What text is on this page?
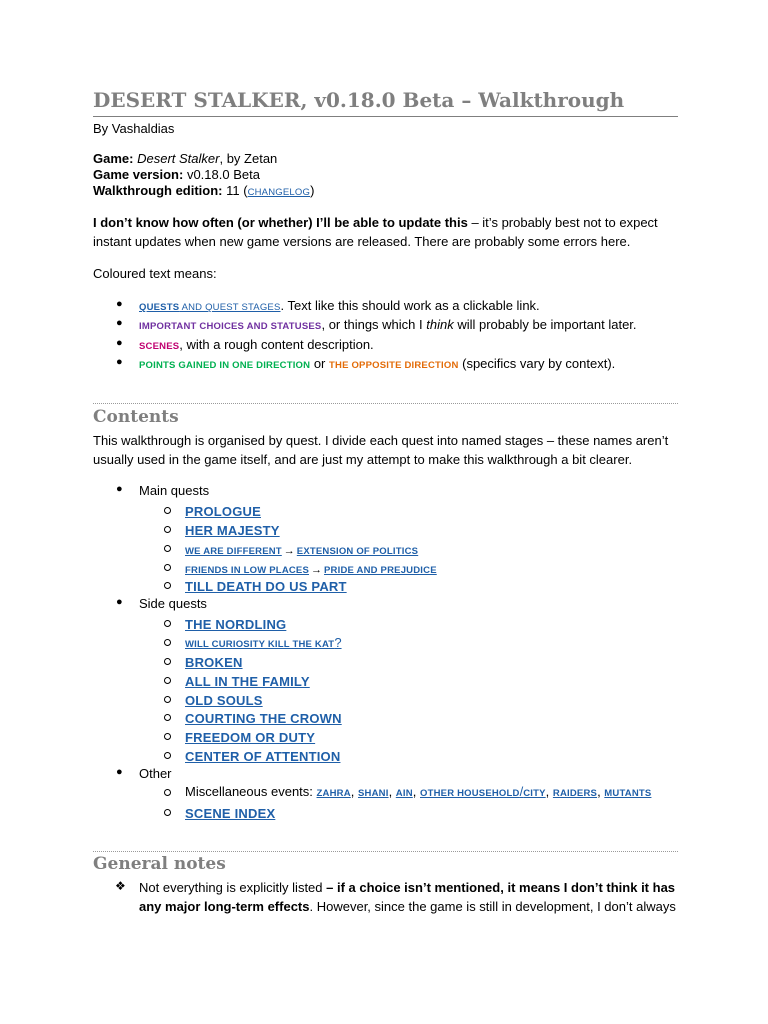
DESERT STALKER, v0.18.0 Beta – Walkthrough
By Vashaldias
Game: Desert Stalker, by Zetan
Game version: v0.18.0 Beta
Walkthrough edition: 11 (CHANGELOG)
I don’t know how often (or whether) I’ll be able to update this – it’s probably best not to expect instant updates when new game versions are released. There are probably some errors here.
Coloured text means:
● QUESTS AND QUEST STAGES. Text like this should work as a clickable link.
● IMPORTANT CHOICES AND STATUSES, or things which I think will probably be important later.
● SCENES, with a rough content description.
● POINTS GAINED IN ONE DIRECTION or THE OPPOSITE DIRECTION (specifics vary by context).
Contents
This walkthrough is organised by quest. I divide each quest into named stages – these names aren’t usually used in the game itself, and are just my attempt to make this walkthrough a bit clearer.
● Main quests
PROLOGUE
HER MAJESTY
WE ARE DIFFERENT → EXTENSION OF POLITICS
FRIENDS IN LOW PLACES → PRIDE AND PREJUDICE
TILL DEATH DO US PART
● Side quests
THE NORDLING
WILL CURIOSITY KILL THE KAT?
BROKEN
ALL IN THE FAMILY
OLD SOULS
COURTING THE CROWN
FREEDOM OR DUTY
CENTER OF ATTENTION
● Other
Miscellaneous events: ZAHRA, SHANI, AIN, OTHER HOUSEHOLD/CITY, RAIDERS, MUTANTS
SCENE INDEX
General notes
❖ Not everything is explicitly listed – if a choice isn’t mentioned, it means I don’t think it has any major long-term effects. However, since the game is still in development, I don’t always
